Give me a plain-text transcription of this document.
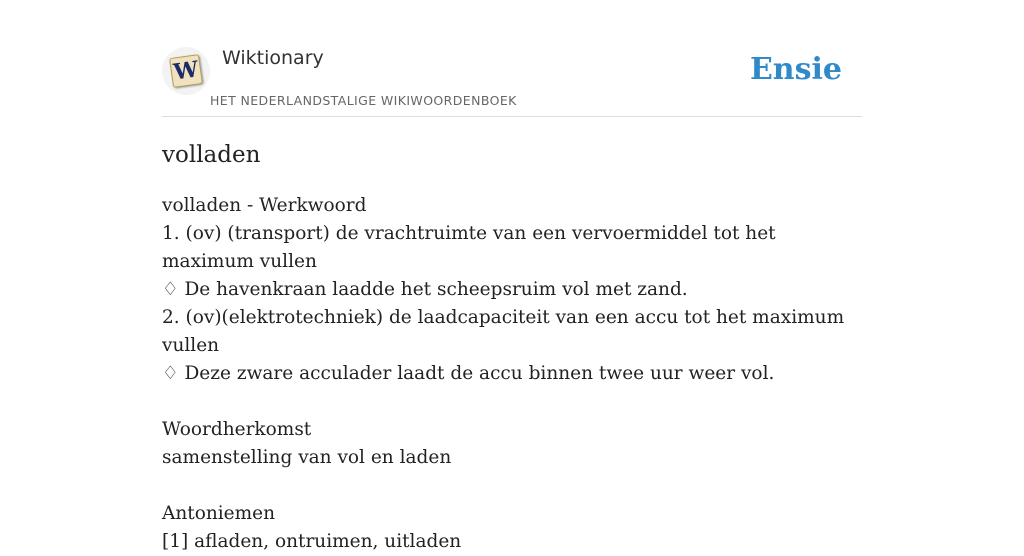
W Wiktionary
HET NEDERLANDSTALIGE WIKIWOORDENBOEK
Ensie
volladen

volladen - Werkwoord

1. (ov) (transport) de vrachtruimte van een vervoermiddel tot het maximum vullen

♢ De havenkraan laadde het scheepsruim vol met zand.

2. (ov)(elektrotechniek) de laadcapaciteit van een accu tot het maximum vullen

♢ Deze zware acculader laadt de accu binnen twee uur weer vol.

Woordherkomst

samenstelling van vol en laden

Antoniemen

[1] afladen, ontruimen, uitladen
